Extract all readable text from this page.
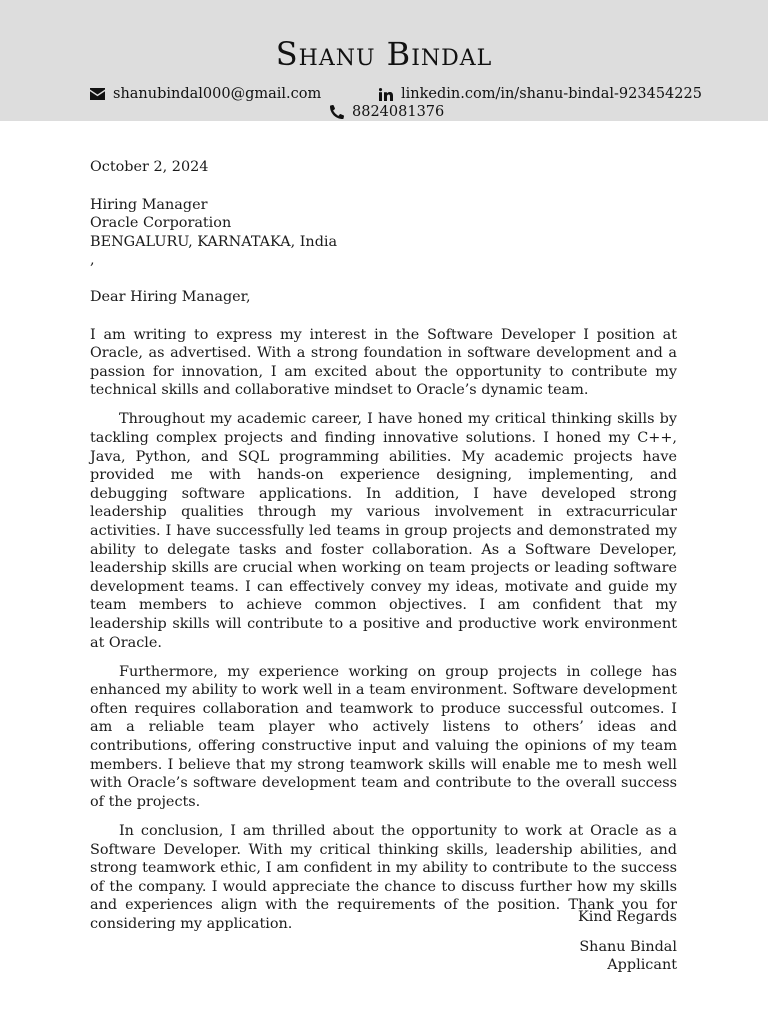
Shanu Bindal
shanubindal000@gmail.com	linkedin.com/in/shanu-bindal-923454225
8824081376

October 2, 2024

Hiring Manager

Oracle Corporation

BENGALURU, KARNATAKA, India

,

Dear Hiring Manager,

I am writing to express my interest in the Software Developer I position at Oracle, as advertised. With a strong foundation in software development and a passion for innovation, I am excited about the opportunity to contribute my technical skills and collaborative mindset to Oracle’s dynamic team.

Throughout my academic career, I have honed my critical thinking skills by tackling complex projects and finding innovative solutions. I honed my C++, Java, Python, and SQL programming abilities. My academic projects have provided me with hands-on experience designing, implementing, and debugging software applications. In addition, I have developed strong leadership qualities through my various involvement in extracurricular activities. I have successfully led teams in group projects and demonstrated my ability to delegate tasks and foster collaboration. As a Software Developer, leadership skills are crucial when working on team projects or leading software development teams. I can effectively convey my ideas, motivate and guide my team members to achieve common objectives. I am confident that my leadership skills will contribute to a positive and productive work environment at Oracle.

Furthermore, my experience working on group projects in college has enhanced my ability to work well in a team environment. Software development often requires collaboration and teamwork to produce successful outcomes. I am a reliable team player who actively listens to others’ ideas and contributions, offering constructive input and valuing the opinions of my team members. I believe that my strong teamwork skills will enable me to mesh well with Oracle’s software development team and contribute to the overall success of the projects.

In conclusion, I am thrilled about the opportunity to work at Oracle as a Software Developer. With my critical thinking skills, leadership abilities, and strong teamwork ethic, I am confident in my ability to contribute to the success of the company. I would appreciate the chance to discuss further how my skills and experiences align with the requirements of the position. Thank you for considering my application.	Kind Regards

Shanu Bindal

Applicant
